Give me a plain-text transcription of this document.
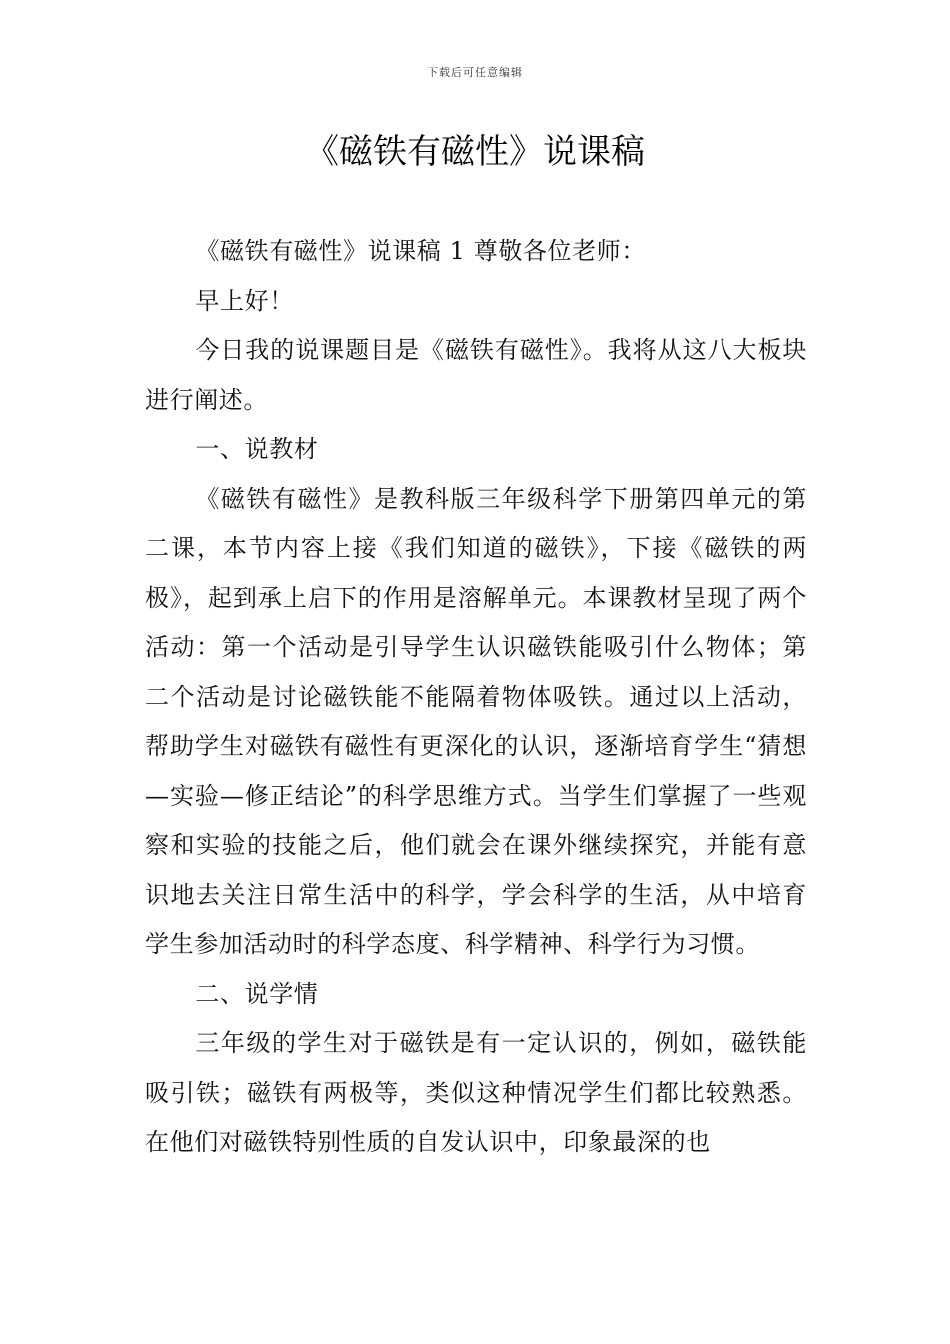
下载后可任意编辑
《磁铁有磁性》说课稿

《磁铁有磁性》说课稿 1 尊敬各位老师：

早上好！

今日我的说课题目是《磁铁有磁性》。我将从这八大板块进行阐述。

一、说教材

《磁铁有磁性》是教科版三年级科学下册第四单元的第二课，本节内容上接《我们知道的磁铁》，下接《磁铁的两极》，起到承上启下的作用是溶解单元。本课教材呈现了两个活动：第一个活动是引导学生认识磁铁能吸引什么物体；第二个活动是讨论磁铁能不能隔着物体吸铁。通过以上活动，帮助学生对磁铁有磁性有更深化的认识，逐渐培育学生“猜想—实验—修正结论”的科学思维方式。当学生们掌握了一些观察和实验的技能之后，他们就会在课外继续探究，并能有意识地去关注日常生活中的科学，学会科学的生活，从中培育学生参加活动时的科学态度、科学精神、科学行为习惯。

二、说学情

三年级的学生对于磁铁是有一定认识的，例如，磁铁能吸引铁；磁铁有两极等，类似这种情况学生们都比较熟悉。在他们对磁铁特别性质的自发认识中，印象最深的也
